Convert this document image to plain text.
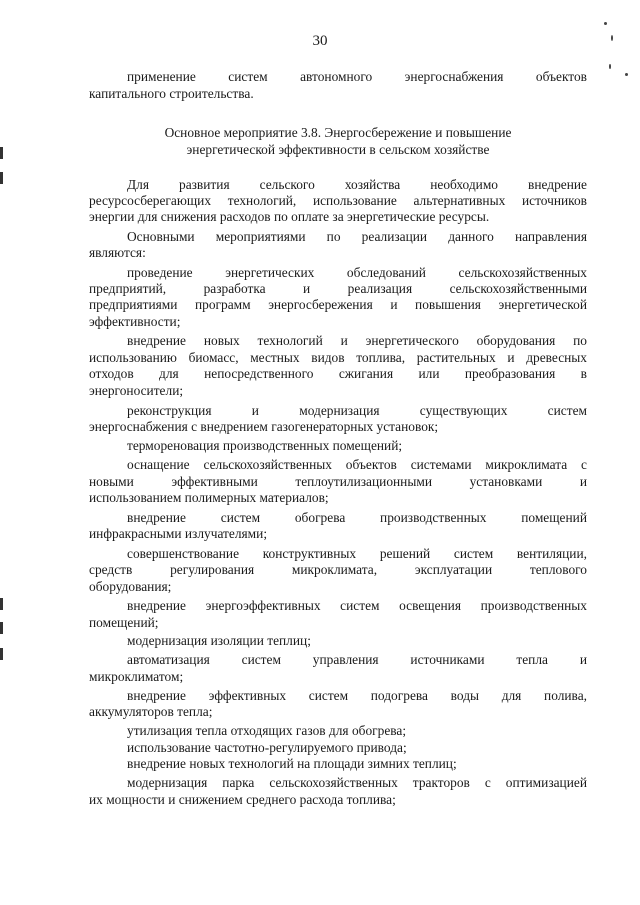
30
применение систем автономного энергоснабжения объектов
капитального строительства.
Основное мероприятие 3.8. Энергосбережение и повышение
энергетической эффективности в сельском хозяйстве
Для развития сельского хозяйства необходимо внедрение
ресурсосберегающих технологий, использование альтернативных источников
энергии для снижения расходов по оплате за энергетические ресурсы.
Основными мероприятиями по реализации данного направления
являются:
проведение энергетических обследований сельскохозяйственных
предприятий, разработка и реализация сельскохозяйственными
предприятиями программ энергосбережения и повышения энергетической
эффективности;
внедрение новых технологий и энергетического оборудования по
использованию биомасс, местных видов топлива, растительных и древесных
отходов для непосредственного сжигания или преобразования в
энергоносители;
реконструкция и модернизация существующих систем
энергоснабжения с внедрением газогенераторных установок;
термореновация производственных помещений;
оснащение сельскохозяйственных объектов системами микроклимата с
новыми эффективными теплоутилизационными установками и
использованием полимерных материалов;
внедрение систем обогрева производственных помещений
инфракрасными излучателями;
совершенствование конструктивных решений систем вентиляции,
средств регулирования микроклимата, эксплуатации теплового
оборудования;
внедрение энергоэффективных систем освещения производственных
помещений;
модернизация изоляции теплиц;
автоматизация систем управления источниками тепла и
микроклиматом;
внедрение эффективных систем подогрева воды для полива,
аккумуляторов тепла;
утилизация тепла отходящих газов для обогрева;
использование частотно-регулируемого привода;
внедрение новых технологий на площади зимних теплиц;
модернизация парка сельскохозяйственных тракторов с оптимизацией
их мощности и снижением среднего расхода топлива;
